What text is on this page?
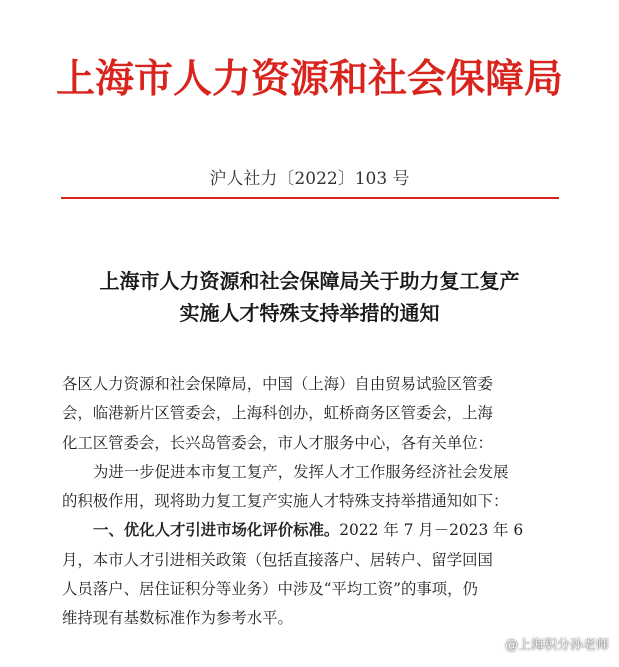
上海市人力资源和社会保障局
沪人社力〔2022〕103 号
上海市人力资源和社会保障局关于助力复工复产
实施人才特殊支持举措的通知
各区人力资源和社会保障局，中国（上海）自由贸易试验区管委
会，临港新片区管委会，上海科创办，虹桥商务区管委会，上海
化工区管委会，长兴岛管委会，市人才服务中心，各有关单位：
为进一步促进本市复工复产，发挥人才工作服务经济社会发展
的积极作用，现将助力复工复产实施人才特殊支持举措通知如下：
一、优化人才引进市场化评价标准。2022 年 7 月－2023 年 6
月，本市人才引进相关政策（包括直接落户、居转户、留学回国
人员落户、居住证积分等业务）中涉及“平均工资”的事项，仍
维持现有基数标准作为参考水平。
@上海积分孙老师
